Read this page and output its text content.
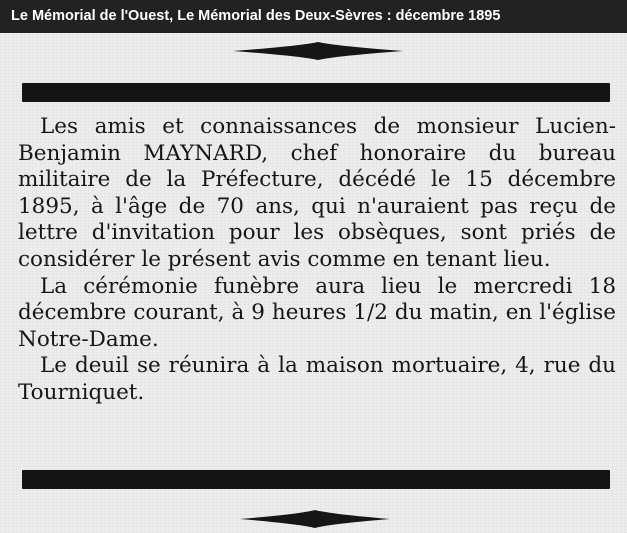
Le Mémorial de l'Ouest, Le Mémorial des Deux-Sèvres : décembre 1895

Les amis et connaissances de monsieur Lucien-Benjamin MAYNARD, chef honoraire du bureau militaire de la Préfecture, décédé le 15 décembre 1895, à l'âge de 70 ans, qui n'auraient pas reçu de lettre d'invitation pour les obsèques, sont priés de considérer le présent avis comme en tenant lieu.

La cérémonie funèbre aura lieu le mercredi 18 décembre courant, à 9 heures 1/2 du matin, en l'église Notre-Dame.

Le deuil se réunira à la maison mortuaire, 4, rue du Tourniquet.
